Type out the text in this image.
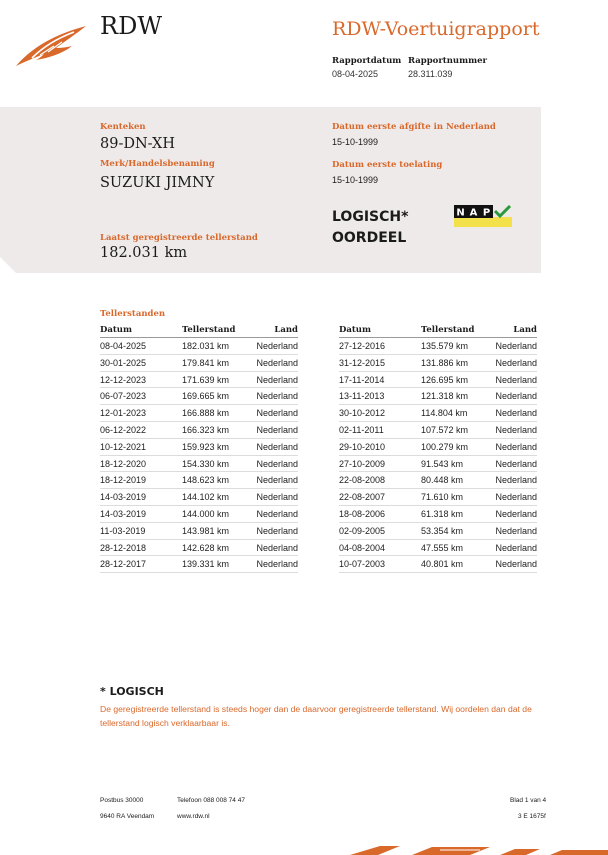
RDW	RDW-Voertuigrapport
Rapportdatum
08-04-2025
Rapportnummer
28.311.039
Kenteken
89-DN-XH
Merk/Handelsbenaming
SUZUKI JIMNY
Laatst geregistreerde tellerstand
182.031 km
Datum eerste afgifte in Nederland
15-10-1999
Datum eerste toelating
15-10-1999
LOGISCH*
OORDEEL
N A P
Tellerstanden
Datum	Tellerstand	Land
08-04-2025	182.031 km	Nederland
30-01-2025	179.841 km	Nederland
12-12-2023	171.639 km	Nederland
06-07-2023	169.665 km	Nederland
12-01-2023	166.888 km	Nederland
06-12-2022	166.323 km	Nederland
10-12-2021	159.923 km	Nederland
18-12-2020	154.330 km	Nederland
18-12-2019	148.623 km	Nederland
14-03-2019	144.102 km	Nederland
14-03-2019	144.000 km	Nederland
11-03-2019	143.981 km	Nederland
28-12-2018	142.628 km	Nederland
28-12-2017	139.331 km	Nederland
Datum	Tellerstand	Land
27-12-2016	135.579 km	Nederland
31-12-2015	131.886 km	Nederland
17-11-2014	126.695 km	Nederland
13-11-2013	121.318 km	Nederland
30-10-2012	114.804 km	Nederland
02-11-2011	107.572 km	Nederland
29-10-2010	100.279 km	Nederland
27-10-2009	91.543 km	Nederland
22-08-2008	80.448 km	Nederland
22-08-2007	71.610 km	Nederland
18-08-2006	61.318 km	Nederland
02-09-2005	53.354 km	Nederland
04-08-2004	47.555 km	Nederland
10-07-2003	40.801 km	Nederland
* LOGISCH
De geregistreerde tellerstand is steeds hoger dan de daarvoor geregistreerde tellerstand. Wij oordelen dan dat de tellerstand logisch verklaarbaar is.
Postbus 30000
9640 RA Veendam
Telefoon 088 008 74 47
www.rdw.nl
Blad 1 van 4
3 E 1675f
